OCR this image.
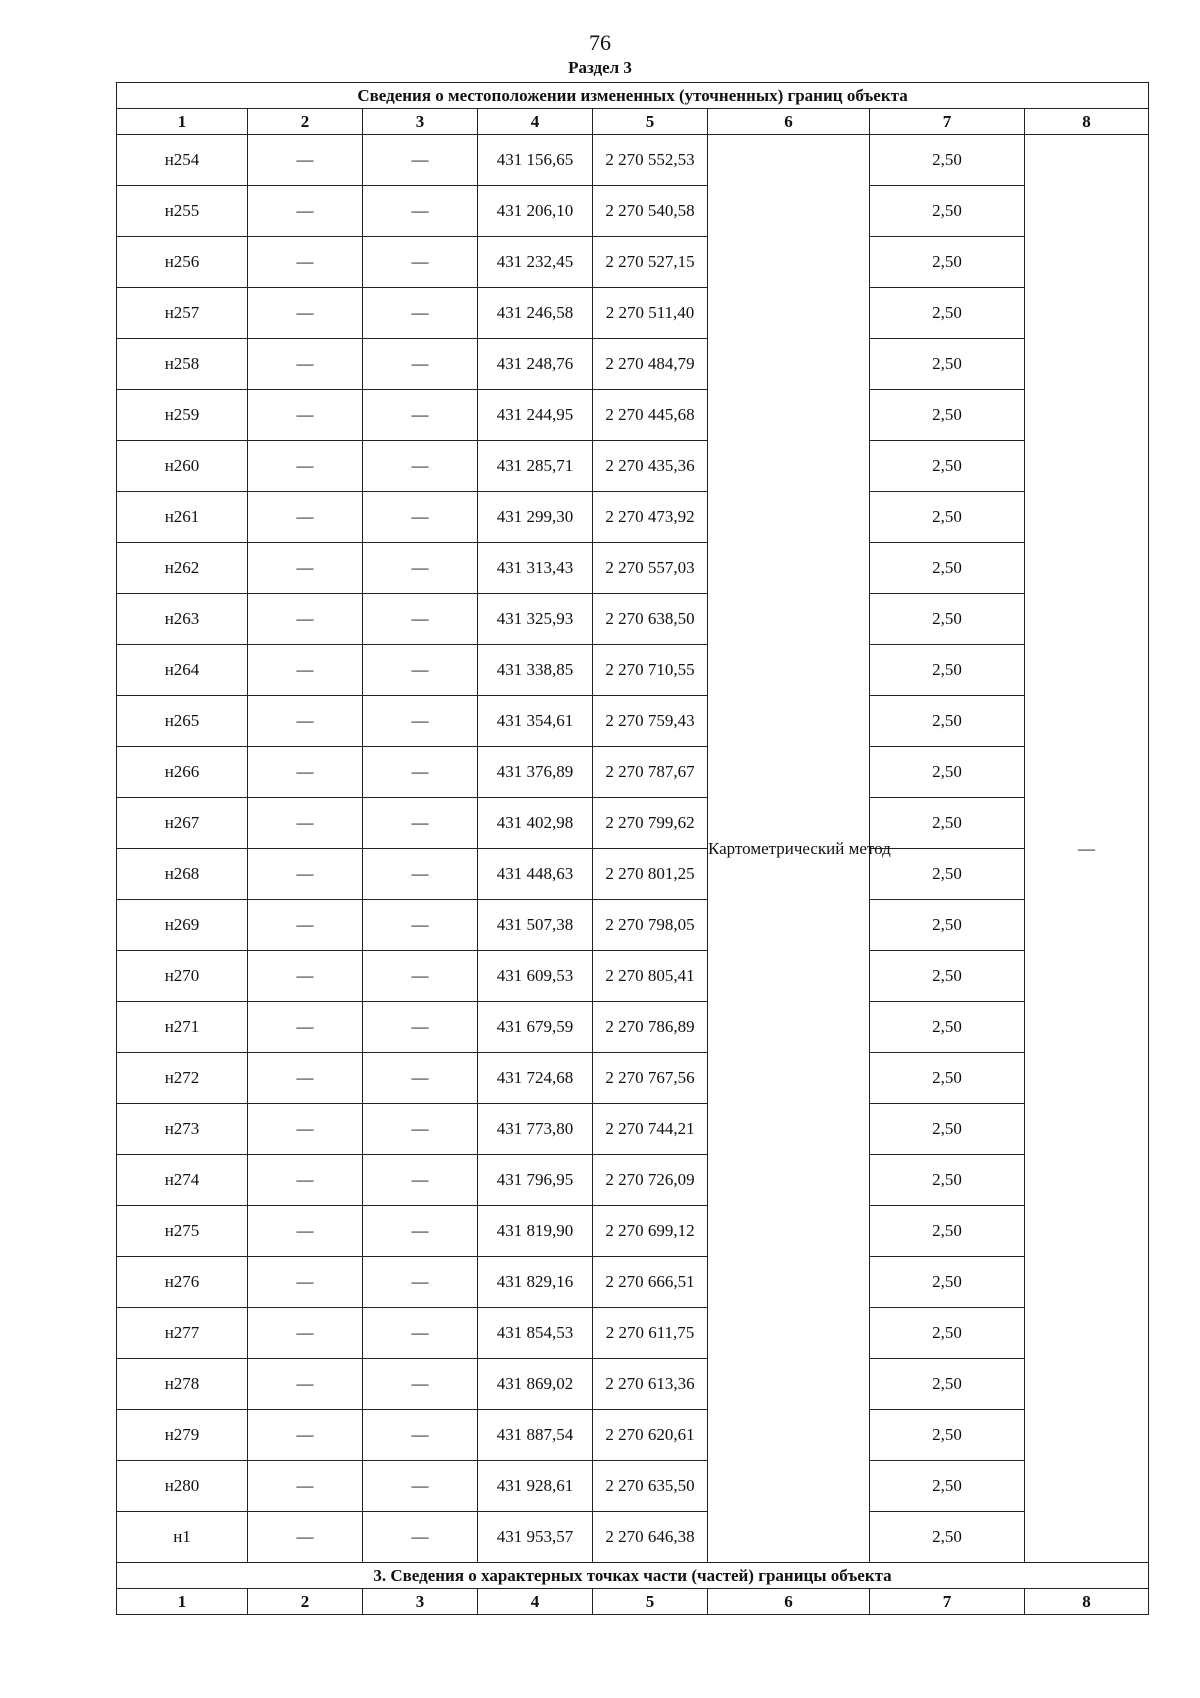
76
Раздел 3
Сведения о местоположении измененных (уточненных) границ объекта							
1	2	3	4	5	6	7	8
н254	—	—	431 156,65	2 270 552,53	Картометрический метод	2,50	—
н255	—	—	431 206,10	2 270 540,58		2,50	
н256	—	—	431 232,45	2 270 527,15		2,50	
н257	—	—	431 246,58	2 270 511,40		2,50	
н258	—	—	431 248,76	2 270 484,79		2,50	
н259	—	—	431 244,95	2 270 445,68		2,50	
н260	—	—	431 285,71	2 270 435,36		2,50	
н261	—	—	431 299,30	2 270 473,92		2,50	
н262	—	—	431 313,43	2 270 557,03		2,50	
н263	—	—	431 325,93	2 270 638,50		2,50	
н264	—	—	431 338,85	2 270 710,55		2,50	
н265	—	—	431 354,61	2 270 759,43		2,50	
н266	—	—	431 376,89	2 270 787,67		2,50	
н267	—	—	431 402,98	2 270 799,62		2,50	
н268	—	—	431 448,63	2 270 801,25		2,50	
н269	—	—	431 507,38	2 270 798,05		2,50	
н270	—	—	431 609,53	2 270 805,41		2,50	
н271	—	—	431 679,59	2 270 786,89		2,50	
н272	—	—	431 724,68	2 270 767,56		2,50	
н273	—	—	431 773,80	2 270 744,21		2,50	
н274	—	—	431 796,95	2 270 726,09		2,50	
н275	—	—	431 819,90	2 270 699,12		2,50	
н276	—	—	431 829,16	2 270 666,51		2,50	
н277	—	—	431 854,53	2 270 611,75		2,50	
н278	—	—	431 869,02	2 270 613,36		2,50	
н279	—	—	431 887,54	2 270 620,61		2,50	
н280	—	—	431 928,61	2 270 635,50		2,50	
н1	—	—	431 953,57	2 270 646,38		2,50	
3. Сведения о характерных точках части (частей) границы объекта							
1	2	3	4	5	6	7	8
